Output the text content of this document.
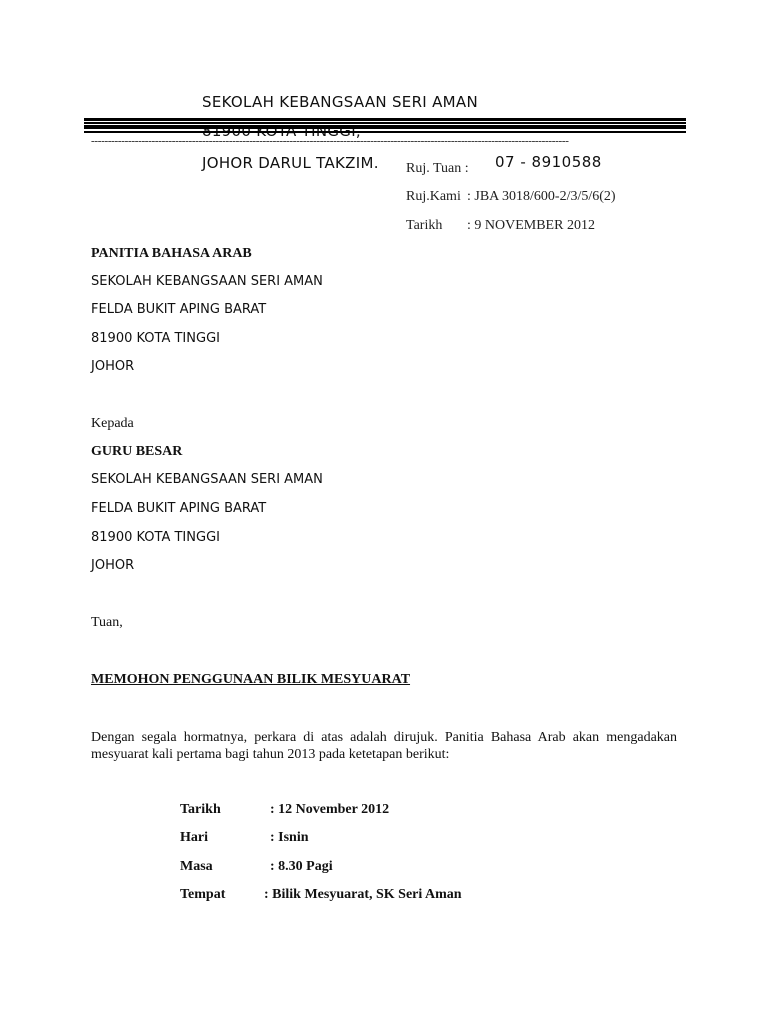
SEKOLAH KEBANGSAAN SERI AMAN
----------------------------------------------------------------------------------------------------------------------------------------------
JOHOR DARUL TAKZIM.	07 - 8910588
Ruj. Tuan :
Ruj.Kami : JBA 3018/600-2/3/5/6(2)
Tarikh : 9 NOVEMBER 2012
PANITIA BAHASA ARAB
SEKOLAH KEBANGSAAN SERI AMAN
FELDA BUKIT APING BARAT
81900 KOTA TINGGI
JOHOR
Kepada
GURU BESAR
SEKOLAH KEBANGSAAN SERI AMAN
FELDA BUKIT APING BARAT
81900 KOTA TINGGI
JOHOR
Tuan,
MEMOHON PENGGUNAAN BILIK MESYUARAT
Dengan segala hormatnya, perkara di atas adalah dirujuk. Panitia Bahasa Arab akan mengadakan mesyuarat kali pertama bagi tahun 2013 pada ketetapan berikut:
Tarikh	: 12 November 2012
Hari	: Isnin
Masa	: 8.30 Pagi
Tempat	: Bilik Mesyuarat, SK Seri Aman
